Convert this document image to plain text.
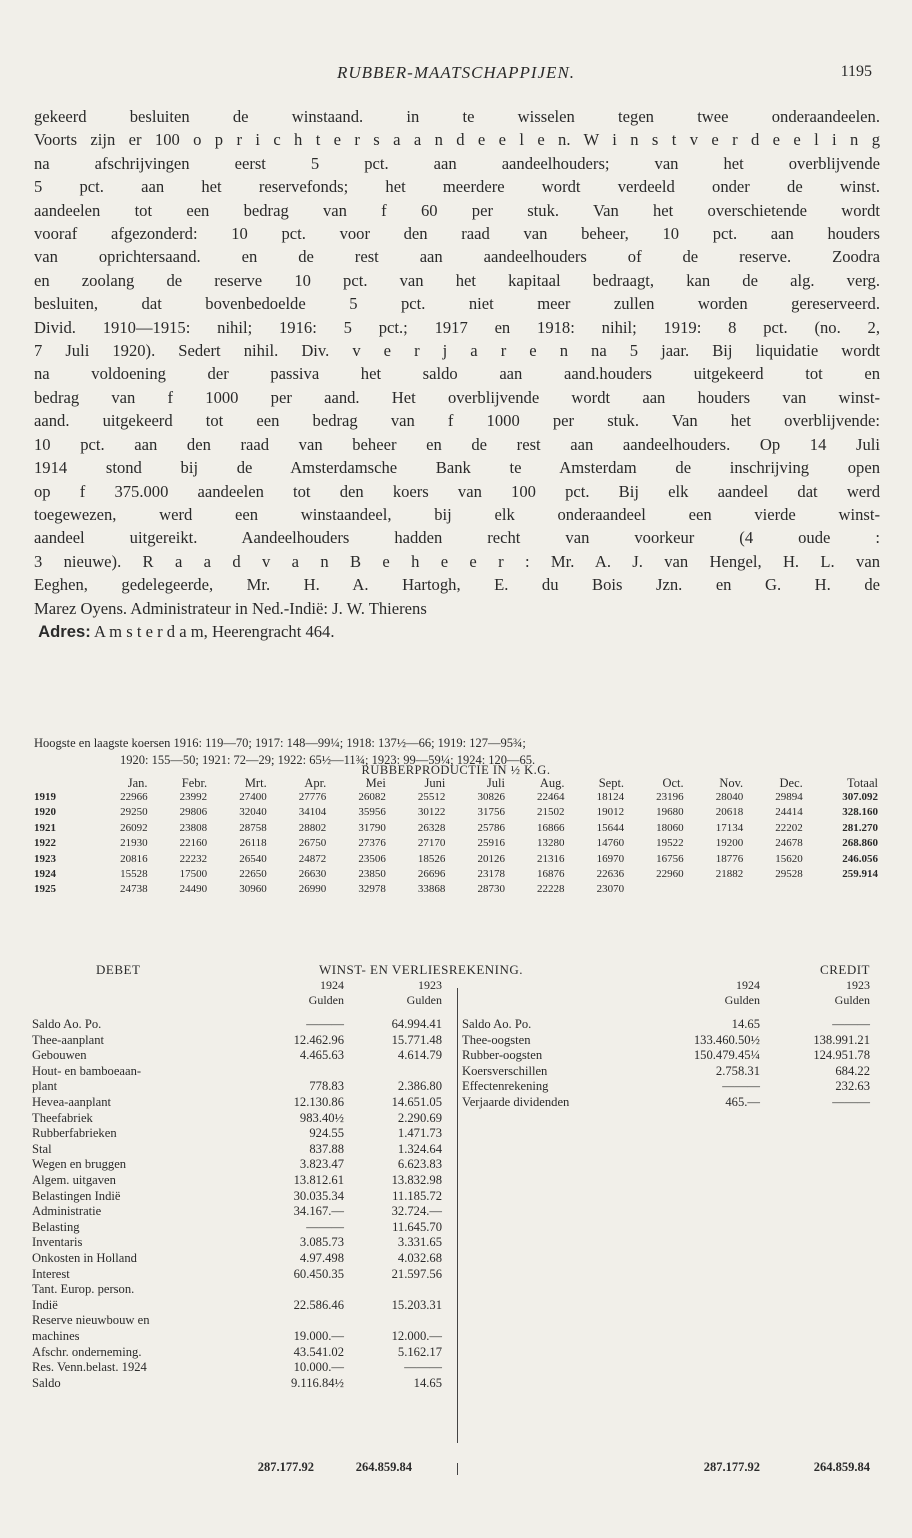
RUBBER-MAATSCHAPPIJEN.	1195
gekeerd besluiten de winstaand. in te wisselen tegen twee onderaandeelen.
Voorts zijn er 100 o p r i c h t e r s a a n d e e l e n. W i n s t v e r d e e l i n g
na afschrijvingen eerst 5 pct. aan aandeelhouders; van het overblijvende
5 pct. aan het reservefonds; het meerdere wordt verdeeld onder de winst.
aandeelen tot een bedrag van f 60 per stuk. Van het overschietende wordt
vooraf afgezonderd: 10 pct. voor den raad van beheer, 10 pct. aan houders
van oprichtersaand. en de rest aan aandeelhouders of de reserve. Zoodra
en zoolang de reserve 10 pct. van het kapitaal bedraagt, kan de alg. verg.
besluiten, dat bovenbedoelde 5 pct. niet meer zullen worden gereserveerd.
Divid. 1910—1915: nihil; 1916: 5 pct.; 1917 en 1918: nihil; 1919: 8 pct. (no. 2,
7 Juli 1920). Sedert nihil. Div. v e r j a r e n na 5 jaar. Bij liquidatie wordt
na voldoening der passiva het saldo aan aand.houders uitgekeerd tot en
bedrag van f 1000 per aand. Het overblijvende wordt aan houders van winst-
aand. uitgekeerd tot een bedrag van f 1000 per stuk. Van het overblijvende:
10 pct. aan den raad van beheer en de rest aan aandeelhouders. Op 14 Juli
1914 stond bij de Amsterdamsche Bank te Amsterdam de inschrijving open
op f 375.000 aandeelen tot den koers van 100 pct. Bij elk aandeel dat werd
toegewezen, werd een winstaandeel, bij elk onderaandeel een vierde winst-
aandeel uitgereikt. Aandeelhouders hadden recht van voorkeur (4 oude :
3 nieuwe). R a a d v a n B e h e e r : Mr. A. J. van Hengel, H. L. van
Eeghen, gedelegeerde, Mr. H. A. Hartogh, E. du Bois Jzn. en G. H. de
Marez Oyens. Administrateur in Ned.-Indië: J. W. Thierens
Adres: A m s t e r d a m, Heerengracht 464.
Hoogste en laagste koersen 1916: 119—70; 1917: 148—99¼; 1918: 137½—66; 1919: 127—95¾;
1920: 155—50; 1921: 72—29; 1922: 65½—11¾; 1923: 99—59¼; 1924: 120—65.
RUBBERPRODUCTIE IN ½ K.G.
	Jan.	Febr.	Mrt.	Apr.	Mei	Juni	Juli	Aug.	Sept.	Oct.	Nov.	Dec.	Totaal
1919	22966	23992	27400	27776	26082	25512	30826	22464	18124	23196	28040	29894	307.092
1920	29250	29806	32040	34104	35956	30122	31756	21502	19012	19680	20618	24414	328.160
1921	26092	23808	28758	28802	31790	26328	25786	16866	15644	18060	17134	22202	281.270
1922	21930	22160	26118	26750	27376	27170	25916	13280	14760	19522	19200	24678	268.860
1923	20816	22232	26540	24872	23506	18526	20126	21316	16970	16756	18776	15620	246.056
1924	15528	17500	22650	26630	23850	26696	23178	16876	22636	22960	21882	29528	259.914
1925	24738	24490	30960	26990	32978	33868	28730	22228	23070				
DEBET	WINST- EN VERLIESREKENING.	CREDIT
1924	1923
Gulden	Gulden
1924	1923
Gulden	Gulden
Saldo Ao. Po.	———	64.994.41
Thee-aanplant	12.462.96	15.771.48
Gebouwen	4.465.63	4.614.79
Hout- en bamboeaan-
plant	778.83	2.386.80
Hevea-aanplant	12.130.86	14.651.05
Theefabriek	983.40½	2.290.69
Rubberfabrieken	924.55	1.471.73
Stal	837.88	1.324.64
Wegen en bruggen	3.823.47	6.623.83
Algem. uitgaven	13.812.61	13.832.98
Belastingen Indië	30.035.34	11.185.72
Administratie	34.167.—	32.724.—
Belasting	———	11.645.70
Inventaris	3.085.73	3.331.65
Onkosten in Holland	4.97.498	4.032.68
Interest	60.450.35	21.597.56
Tant. Europ. person.
Indië	22.586.46	15.203.31
Reserve nieuwbouw en
machines	19.000.—	12.000.—
Afschr. onderneming.	43.541.02	5.162.17
Res. Venn.belast. 1924	10.000.—	———
Saldo	9.116.84½	14.65
Saldo Ao. Po.	14.65	———
Thee-oogsten	133.460.50½	138.991.21
Rubber-oogsten	150.479.45¼	124.951.78
Koersverschillen	2.758.31	684.22
Effectenrekening	———	232.63
Verjaarde dividenden	465.—	———
287.177.92	264.859.84	287.177.92	264.859.84
